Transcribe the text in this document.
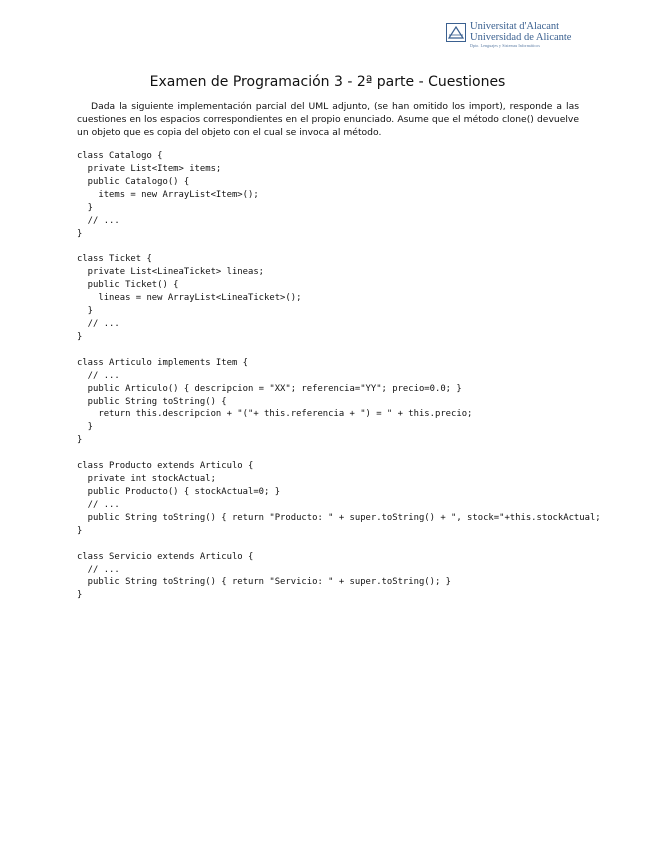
Universitat d'Alacant
Universidad de Alicante
Dpto. Lenguajes y Sistemas Informáticos
Examen de Programación 3 - 2ª parte - Cuestiones

Dada la siguiente implementación parcial del UML adjunto, (se han omitido los import), responde a las cuestiones en los espacios correspondientes en el propio enunciado. Asume que el método clone() devuelve un objeto que es copia del objeto con el cual se invoca al método.

class Catalogo {
private List<Item> items;
public Catalogo() {
items = new ArrayList<Item>();
}
// ...
}
class Ticket {
private List<LineaTicket> lineas;
public Ticket() {
lineas = new ArrayList<LineaTicket>();
}
// ...
}
class Articulo implements Item {
// ...
public Articulo() { descripcion = "XX"; referencia="YY"; precio=0.0; }
public String toString() {
return this.descripcion + "("+ this.referencia + ") = " + this.precio;
}
}
class Producto extends Articulo {
private int stockActual;
public Producto() { stockActual=0; }
// ...
public String toString() { return "Producto: " + super.toString() + ", stock="+this.stockActual;
}
class Servicio extends Articulo {
// ...
public String toString() { return "Servicio: " + super.toString(); }
}
